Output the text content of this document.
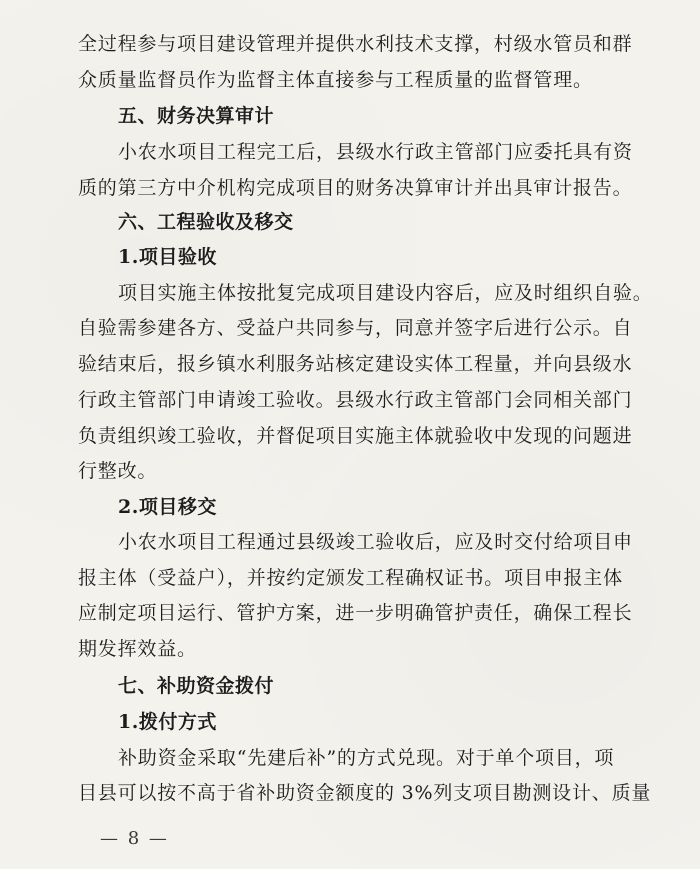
全过程参与项目建设管理并提供水利技术支撑，村级水管员和群
众质量监督员作为监督主体直接参与工程质量的监督管理。
五、财务决算审计
小农水项目工程完工后，县级水行政主管部门应委托具有资
质的第三方中介机构完成项目的财务决算审计并出具审计报告。
六、工程验收及移交
1.项目验收
项目实施主体按批复完成项目建设内容后，应及时组织自验。
自验需参建各方、受益户共同参与，同意并签字后进行公示。自
验结束后，报乡镇水利服务站核定建设实体工程量，并向县级水
行政主管部门申请竣工验收。县级水行政主管部门会同相关部门
负责组织竣工验收，并督促项目实施主体就验收中发现的问题进
行整改。
2.项目移交
小农水项目工程通过县级竣工验收后，应及时交付给项目申
报主体（受益户），并按约定颁发工程确权证书。项目申报主体
应制定项目运行、管护方案，进一步明确管护责任，确保工程长
期发挥效益。
七、补助资金拨付
1.拨付方式
补助资金采取“先建后补”的方式兑现。对于单个项目，项
目县可以按不高于省补助资金额度的 3%列支项目勘测设计、质量
— 8 —
